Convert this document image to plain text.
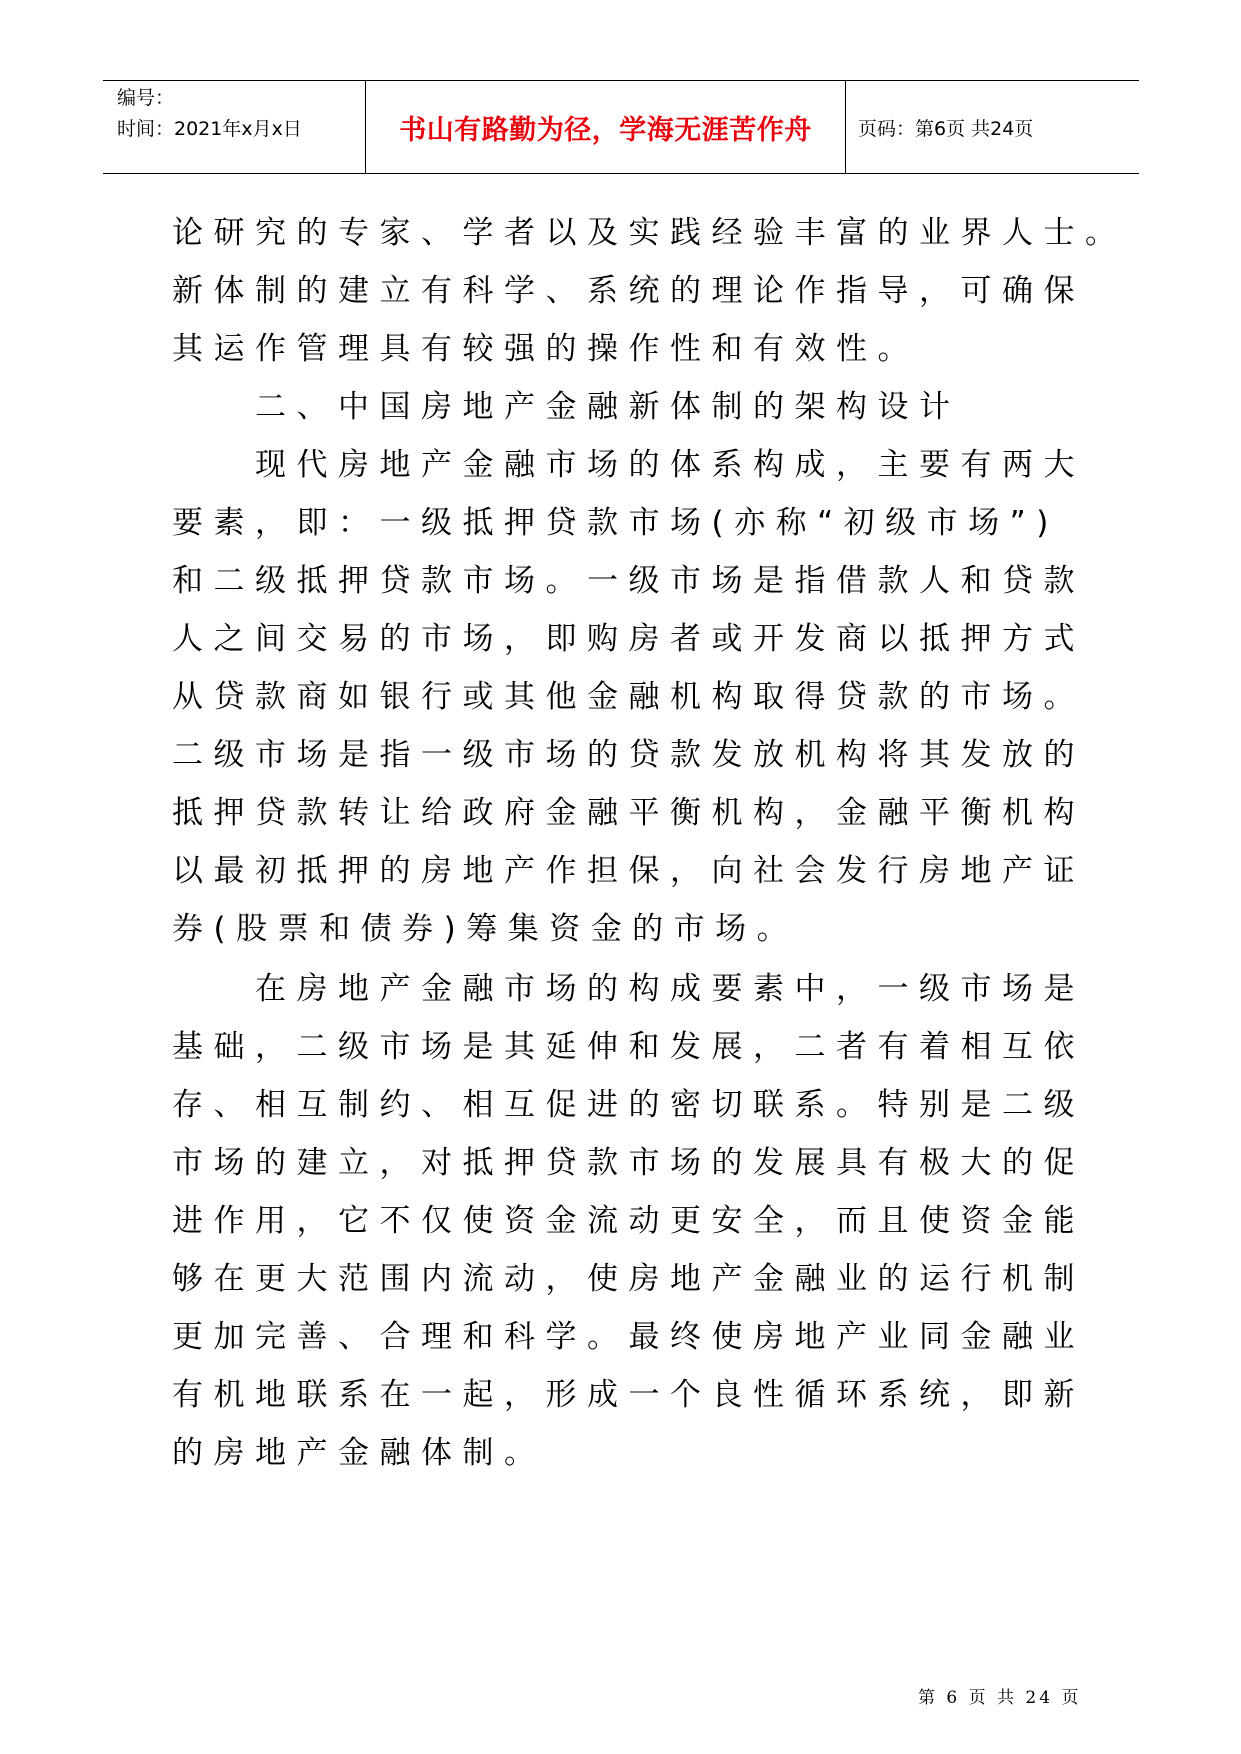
编号：
时间：2021年x月x日	书山有路勤为径，学海无涯苦作舟 页码：第6页 共24页
论研究的专家、学者以及实践经验丰富的业界人士。
新体制的建立有科学、系统的理论作指导，可确保
其运作管理具有较强的操作性和有效性。
　　二、中国房地产金融新体制的架构设计
　　现代房地产金融市场的体系构成，主要有两大
要素，即：一级抵押贷款市场(亦称“初级市场”)
和二级抵押贷款市场。一级市场是指借款人和贷款
人之间交易的市场，即购房者或开发商以抵押方式
从贷款商如银行或其他金融机构取得贷款的市场。
二级市场是指一级市场的贷款发放机构将其发放的
抵押贷款转让给政府金融平衡机构，金融平衡机构
以最初抵押的房地产作担保，向社会发行房地产证
券(股票和债券)筹集资金的市场。
　　在房地产金融市场的构成要素中，一级市场是
基础，二级市场是其延伸和发展，二者有着相互依
存、相互制约、相互促进的密切联系。特别是二级
市场的建立，对抵押贷款市场的发展具有极大的促
进作用，它不仅使资金流动更安全，而且使资金能
够在更大范围内流动，使房地产金融业的运行机制
更加完善、合理和科学。最终使房地产业同金融业
有机地联系在一起，形成一个良性循环系统，即新
的房地产金融体制。
第 6 页 共 24 页
